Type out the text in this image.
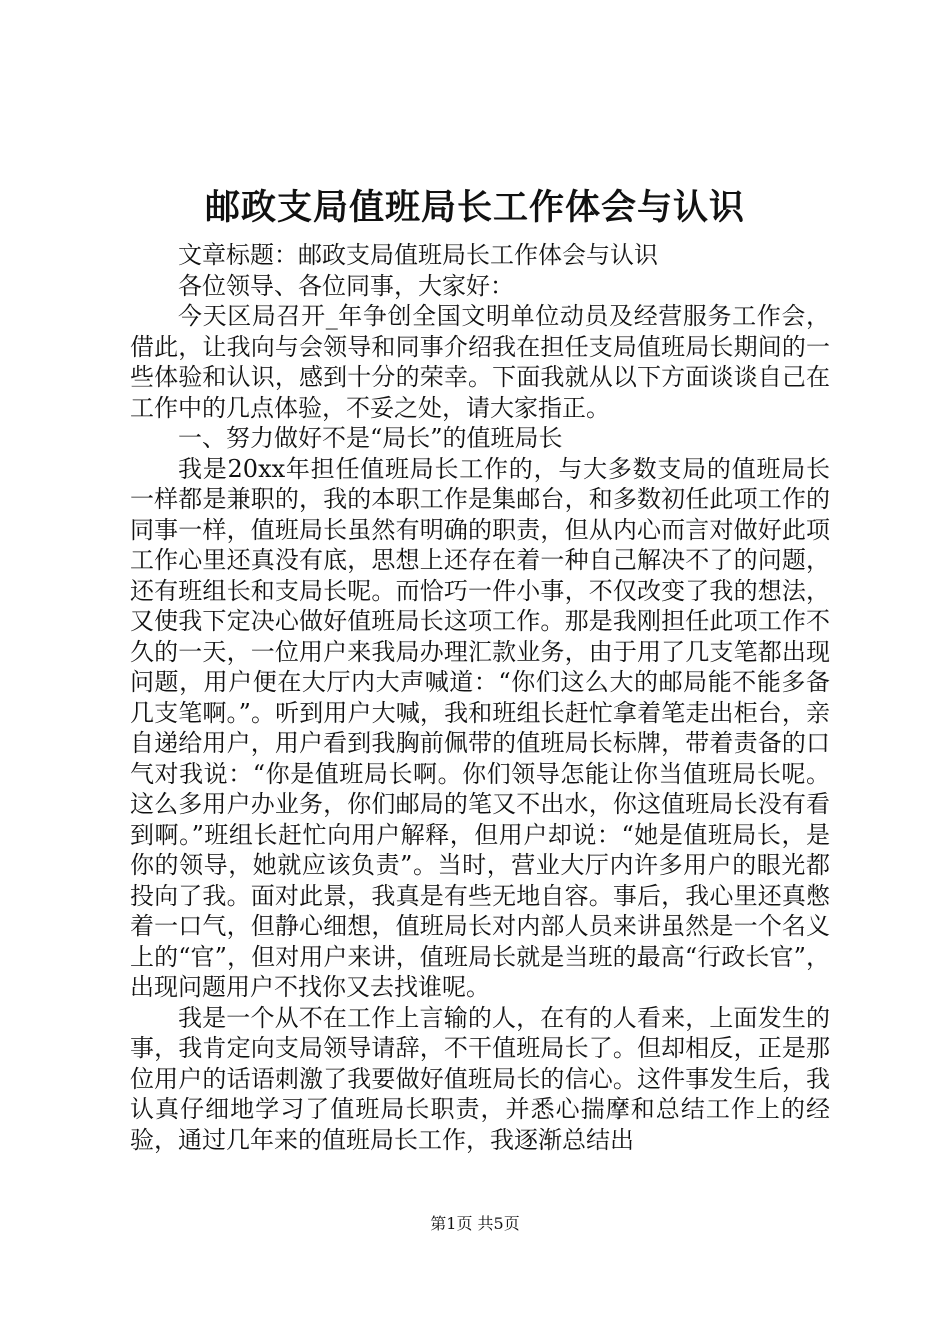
邮政支局值班局长工作体会与认识

文章标题：邮政支局值班局长工作体会与认识

各位领导、各位同事，大家好：

今天区局召开_年争创全国文明单位动员及经营服务工作会，借此，让我向与会领导和同事介绍我在担任支局值班局长期间的一些体验和认识，感到十分的荣幸。下面我就从以下方面谈谈自己在工作中的几点体验，不妥之处，请大家指正。

一、努力做好不是“局长”的值班局长

我是20xx年担任值班局长工作的，与大多数支局的值班局长一样都是兼职的，我的本职工作是集邮台，和多数初任此项工作的同事一样，值班局长虽然有明确的职责，但从内心而言对做好此项工作心里还真没有底，思想上还存在着一种自己解决不了的问题，还有班组长和支局长呢。而恰巧一件小事，不仅改变了我的想法，又使我下定决心做好值班局长这项工作。那是我刚担任此项工作不久的一天，一位用户来我局办理汇款业务，由于用了几支笔都出现问题，用户便在大厅内大声喊道：“你们这么大的邮局能不能多备几支笔啊。”。听到用户大喊，我和班组长赶忙拿着笔走出柜台，亲自递给用户，用户看到我胸前佩带的值班局长标牌，带着责备的口气对我说：“你是值班局长啊。你们领导怎能让你当值班局长呢。这么多用户办业务，你们邮局的笔又不出水，你这值班局长没有看到啊。”班组长赶忙向用户解释，但用户却说：“她是值班局长，是你的领导，她就应该负责”。当时，营业大厅内许多用户的眼光都投向了我。面对此景，我真是有些无地自容。事后，我心里还真憋着一口气，但静心细想，值班局长对内部人员来讲虽然是一个名义上的“官”，但对用户来讲，值班局长就是当班的最高“行政长官”，出现问题用户不找你又去找谁呢。

我是一个从不在工作上言输的人，在有的人看来，上面发生的事，我肯定向支局领导请辞，不干值班局长了。但却相反，正是那位用户的话语刺激了我要做好值班局长的信心。这件事发生后，我认真仔细地学习了值班局长职责，并悉心揣摩和总结工作上的经验，通过几年来的值班局长工作，我逐渐总结出

第1页 共5页
